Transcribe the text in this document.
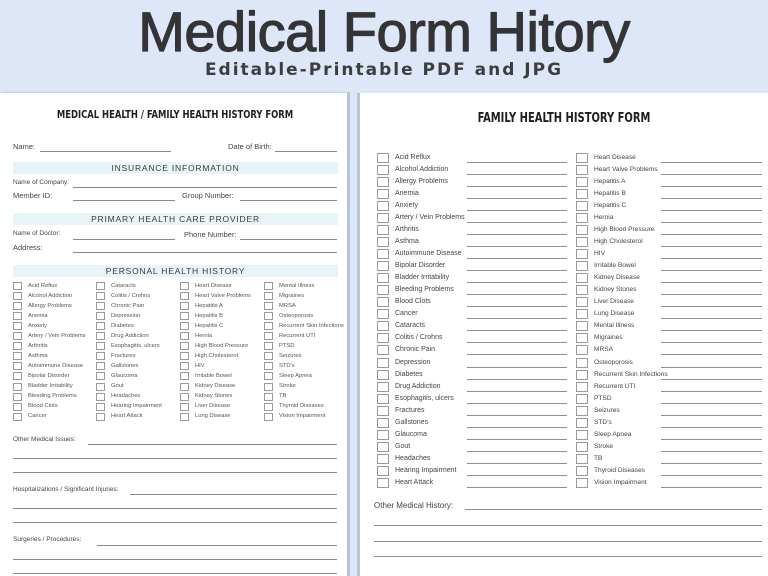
Medical Form Hitory
Editable-Printable PDF and JPG
MEDICAL HEALTH / FAMILY HEALTH HISTORY FORM
Name:	Date of Birth:
INSURANCE INFORMATION
Name of Company:
Member ID:	Group Number:
PRIMARY HEALTH CARE PROVIDER
Name of Doctor:	Phone Number:
Address:
PERSONAL HEALTH HISTORY
Acid Reflux
Alcohol Addiction
Allergy Problems
Anemia
Anxiety
Artery / Vein Problems
Arthritis
Asthma
Autoimmune Disease
Bipolar Disorder
Bladder Irritability
Bleeding Problems
Blood Clots
Cancer
Cataracts
Colitis / Crohns
Chronic Pain
Depression
Diabetes
Drug Addiction
Esophagitis, ulcers
Fractures
Gallstones
Glaucoma
Gout
Headaches
Hearing Impairment
Heart Attack
Heart Disease
Heart Valve Problems
Hepatitis A
Hepatitis B
Hepatitis C
Hernia
High Blood Pressure
High Cholesterol
HIV
Irritable Bowel
Kidney Disease
Kidney Stones
Liver Disease
Lung Disease
Mental Illness
Migraines
MRSA
Osteoporosis
Recurrent Skin Infections
Recurrent UTI
PTSD
Seizures
STD's
Sleep Apnea
Stroke
TB
Thyroid Diseases
Vision Impairment
Other Medical Issues:
Hospitalizations / Significant Injuries:
Surgeries / Procedures:
FAMILY HEALTH HISTORY FORM
Acid Reflux
Alcohol Addiction
Allergy Problems
Anemia
Anxiety
Artery / Vein Problems
Arthritis
Asthma
Autoimmune Disease
Bipolar Disorder
Bladder Irritability
Bleeding Problems
Blood Clots
Cancer
Cataracts
Colitis / Crohns
Chronic Pain
Depression
Diabetes
Drug Addiction
Esophagitis, ulcers
Fractures
Gallstones
Glaucoma
Gout
Headaches
Hearing Impairment
Heart Attack
Heart Disease
Heart Valve Problems
Hepatitis A
Hepatitis B
Hepatitis C
Hernia
High Blood Pressure
High Cholesterol
HIV
Irritable Bowel
Kidney Disease
Kidney Stones
Liver Disease
Lung Disease
Mental Illness
Migraines
MRSA
Osteoporosis
Recurrent Skin Infections
Recurrent UTI
PTSD
Seizures
STD's
Sleep Apnea
Stroke
TB
Thyroid Diseases
Vision Impairment
Other Medical History:
